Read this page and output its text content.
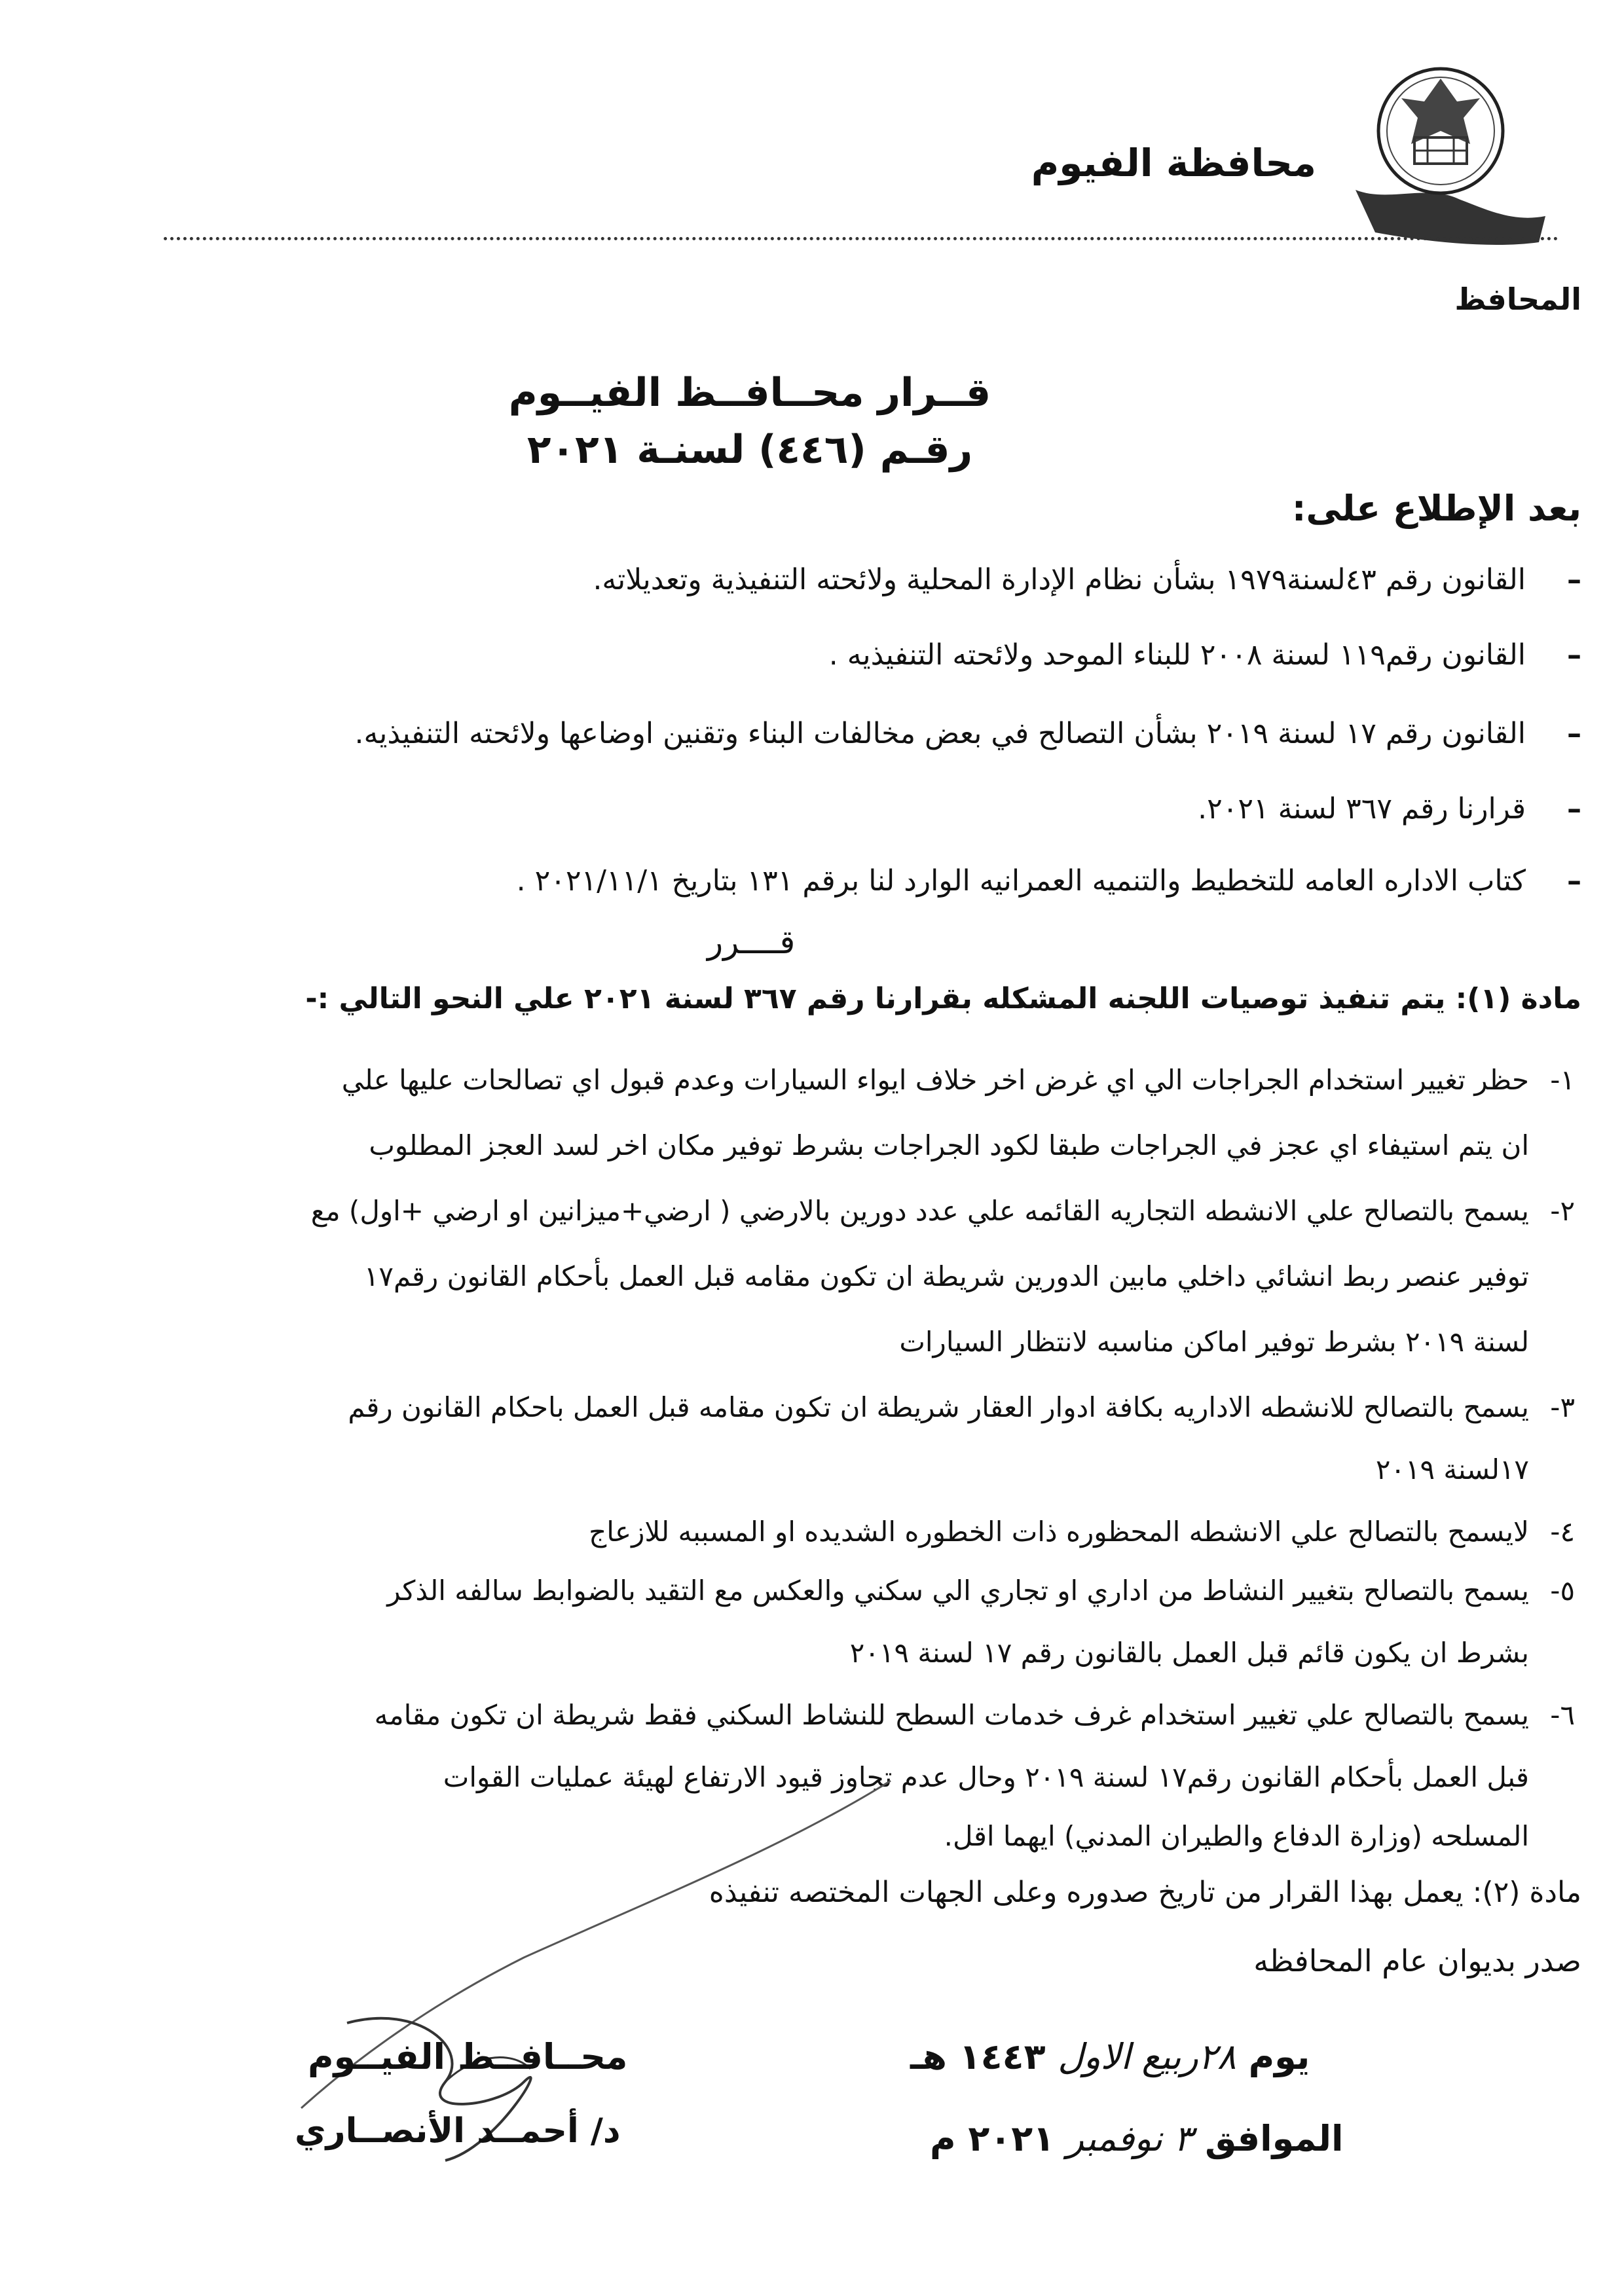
محافظة الفيوم
المحافظ
قــرار محــافــظ الفيــوم
رقـم (٤٤٦) لسنـة ٢٠٢١
بعد الإطلاع على:
–
القانون رقم ٤٣لسنة١٩٧٩ بشأن نظام الإدارة المحلية ولائحته التنفيذية وتعديلاته.
–
القانون رقم١١٩ لسنة ٢٠٠٨ للبناء الموحد ولائحته التنفيذيه .
–
القانون رقم ١٧ لسنة ٢٠١٩ بشأن التصالح في بعض مخالفات البناء وتقنين اوضاعها ولائحته التنفيذيه.
–
قرارنا رقم ٣٦٧ لسنة ٢٠٢١.
–
كتاب الاداره العامه للتخطيط والتنميه العمرانيه الوارد لنا برقم ١٣١ بتاريخ ٢٠٢١/١١/١ .
قــــرر
مادة (١): يتم تنفيذ توصيات اللجنه المشكله بقرارنا رقم ٣٦٧ لسنة ٢٠٢١ علي النحو التالي :-
١-
حظر تغيير استخدام الجراجات الي اي غرض اخر خلاف ايواء السيارات وعدم قبول اي تصالحات عليها علي
ان يتم استيفاء اي عجز في الجراجات طبقا لكود الجراجات بشرط توفير مكان اخر لسد العجز المطلوب
٢-
يسمح بالتصالح علي الانشطه التجاريه القائمه علي عدد دورين بالارضي ( ارضي+ميزانين او ارضي +اول) مع
توفير عنصر ربط انشائي داخلي مابين الدورين شريطة ان تكون مقامه قبل العمل بأحكام القانون رقم١٧
لسنة ٢٠١٩ بشرط توفير اماكن مناسبه لانتظار السيارات
٣-
يسمح بالتصالح للانشطه الاداريه بكافة ادوار العقار شريطة ان تكون مقامه قبل العمل باحكام القانون رقم
١٧لسنة ٢٠١٩
٤-
لايسمح بالتصالح علي الانشطه المحظوره ذات الخطوره الشديده او المسببه للازعاج
٥-
يسمح بالتصالح بتغيير النشاط من اداري او تجاري الي سكني والعكس مع التقيد بالضوابط سالفه الذكر
بشرط ان يكون قائم قبل العمل بالقانون رقم ١٧ لسنة ٢٠١٩
٦-
يسمح بالتصالح علي تغيير استخدام غرف خدمات السطح للنشاط السكني فقط شريطة ان تكون مقامه
قبل العمل بأحكام القانون رقم١٧ لسنة ٢٠١٩ وحال عدم تجاوز قيود الارتفاع لهيئة عمليات القوات
المسلحه (وزارة الدفاع والطيران المدني) ايهما اقل.
مادة (٢): يعمل بهذا القرار من تاريخ صدوره وعلى الجهات المختصه تنفيذه
صدر بديوان عام المحافظه
محــافــظ الفيــوم
د/ أحمــد الأنصــاري
يوم ٢٨ربيع الاول ١٤٤٣ هـ
الموافق ٣ نوفمبر ٢٠٢١ م
